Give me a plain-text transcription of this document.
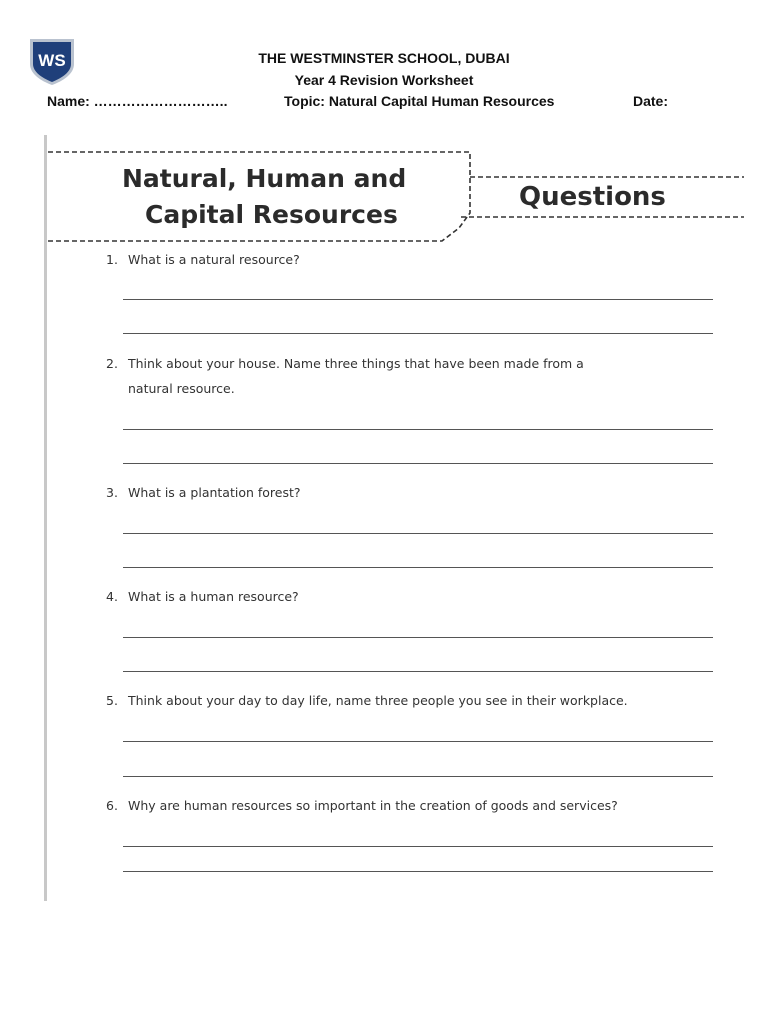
WS	THE WESTMINSTER SCHOOL, DUBAI
Year 4 Revision Worksheet
Name: ………………………..	Topic: Natural Capital Human Resources	Date:
Natural, Human and
Capital Resources
Questions
1. What is a natural resource?
2. Think about your house. Name three things that have been made from a
natural resource.
3. What is a plantation forest?
4. What is a human resource?
5. Think about your day to day life, name three people you see in their workplace.
6. Why are human resources so important in the creation of goods and services?
